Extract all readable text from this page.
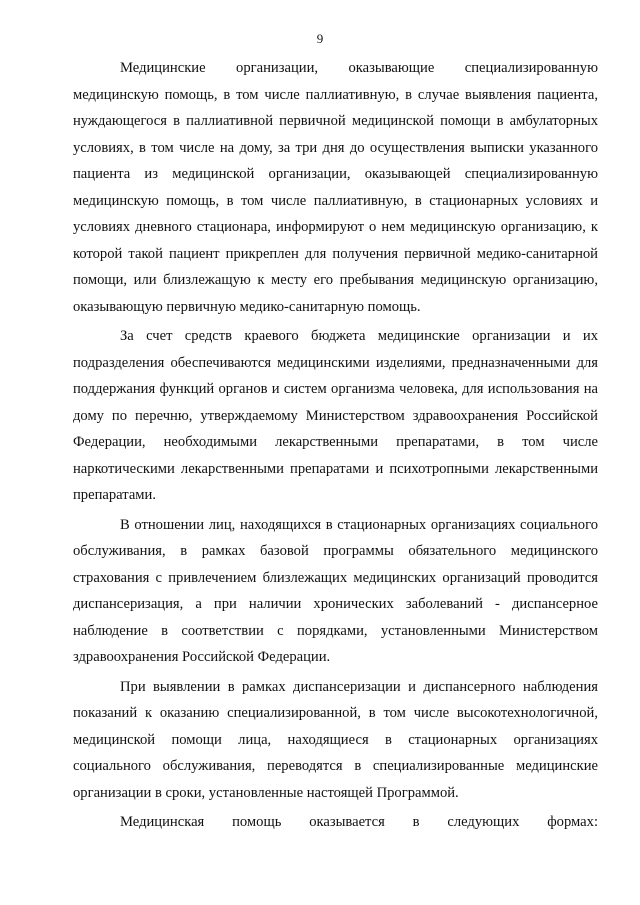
9

Медицинские организации, оказывающие специализированную медицинскую помощь, в том числе паллиативную, в случае выявления пациента, нуждающегося в паллиативной первичной медицинской помощи в амбулаторных условиях, в том числе на дому, за три дня до осуществления выписки указанного пациента из медицинской организации, оказывающей специализированную медицинскую помощь, в том числе паллиативную, в стационарных условиях и условиях дневного стационара, информируют о нем медицинскую организацию, к которой такой пациент прикреплен для получения первичной медико-санитарной помощи, или близлежащую к месту его пребывания медицинскую организацию, оказывающую первичную медико-санитарную помощь.

За счет средств краевого бюджета медицинские организации и их подразделения обеспечиваются медицинскими изделиями, предназначенными для поддержания функций органов и систем организма человека, для использования на дому по перечню, утверждаемому Министерством здравоохранения Российской Федерации, необходимыми лекарственными препаратами, в том числе наркотическими лекарственными препаратами и психотропными лекарственными препаратами.

В отношении лиц, находящихся в стационарных организациях социального обслуживания, в рамках базовой программы обязательного медицинского страхования с привлечением близлежащих медицинских организаций проводится диспансеризация, а при наличии хронических заболеваний - диспансерное наблюдение в соответствии с порядками, установленными Министерством здравоохранения Российской Федерации.

При выявлении в рамках диспансеризации и диспансерного наблюдения показаний к оказанию специализированной, в том числе высокотехнологичной, медицинской помощи лица, находящиеся в стационарных организациях социального обслуживания, переводятся в специализированные медицинские организации в сроки, установленные настоящей Программой.

Медицинская помощь оказывается в следующих формах:
